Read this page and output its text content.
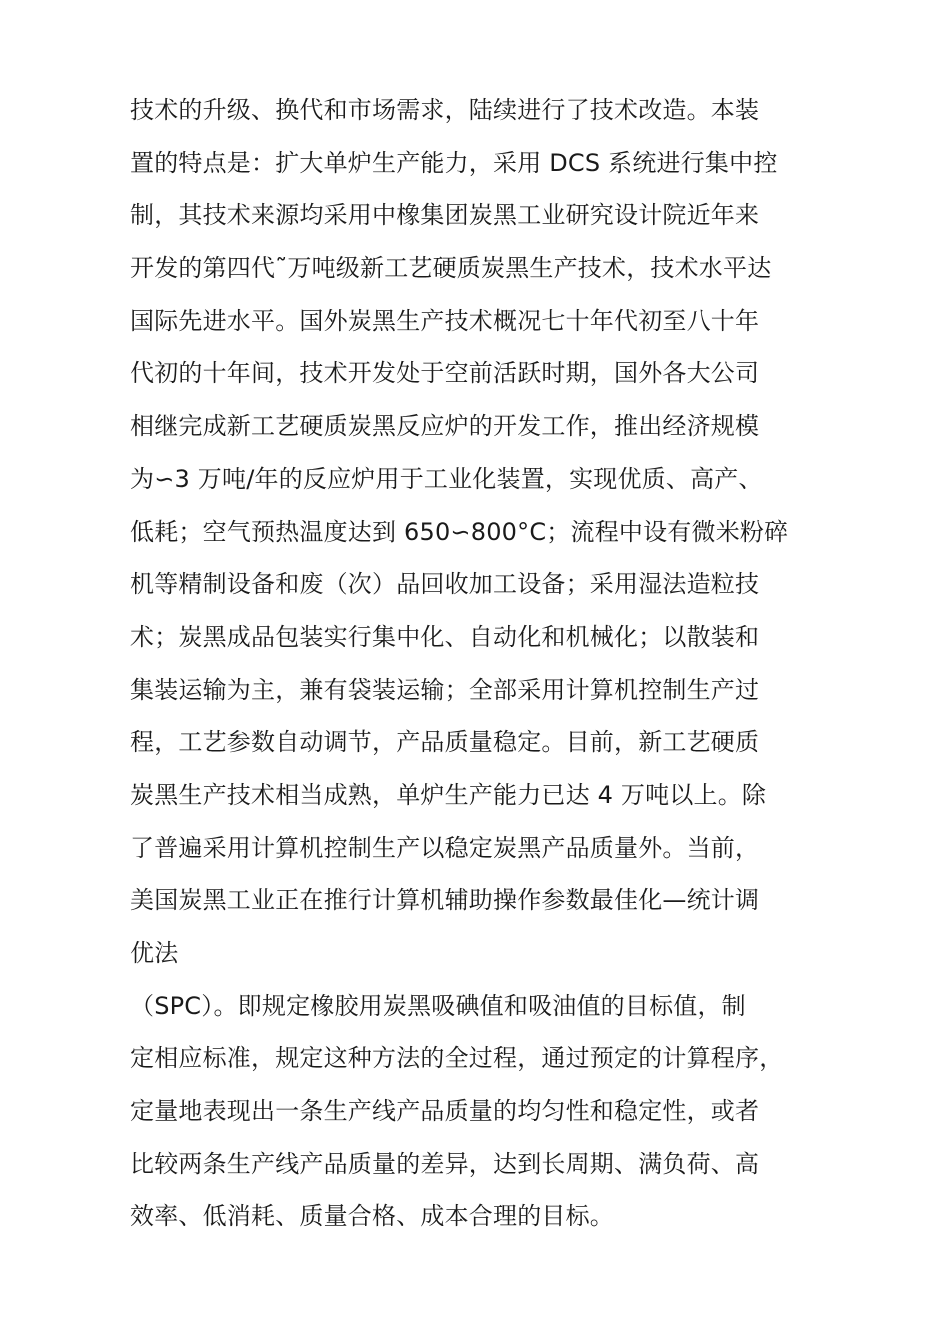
技术的升级、换代和市场需求，陆续进行了技术改造。本装
置的特点是：扩大单炉生产能力，采用 DCS 系统进行集中控
制，其技术来源均采用中橡集团炭黑工业研究设计院近年来
开发的第四代˜万吨级新工艺硬质炭黑生产技术，技术水平达
国际先进水平。国外炭黑生产技术概况七十年代初至八十年
代初的十年间，技术开发处于空前活跃时期，国外各大公司
相继完成新工艺硬质炭黑反应炉的开发工作，推出经济规模
为∽3 万吨/年的反应炉用于工业化装置，实现优质、高产、
低耗；空气预热温度达到 650∽800°C；流程中设有微米粉碎
机等精制设备和废（次）品回收加工设备；采用湿法造粒技
术；炭黑成品包装实行集中化、自动化和机械化；以散装和
集装运输为主，兼有袋装运输；全部采用计算机控制生产过
程，工艺参数自动调节，产品质量稳定。目前，新工艺硬质
炭黑生产技术相当成熟，单炉生产能力已达 4 万吨以上。除
了普遍采用计算机控制生产以稳定炭黑产品质量外。当前，
美国炭黑工业正在推行计算机辅助操作参数最佳化—统计调
优法
（SPC）。即规定橡胶用炭黑吸碘值和吸油值的目标值，制
定相应标准，规定这种方法的全过程，通过预定的计算程序，
定量地表现出一条生产线产品质量的均匀性和稳定性，或者
比较两条生产线产品质量的差异，达到长周期、满负荷、高
效率、低消耗、质量合格、成本合理的目标。
